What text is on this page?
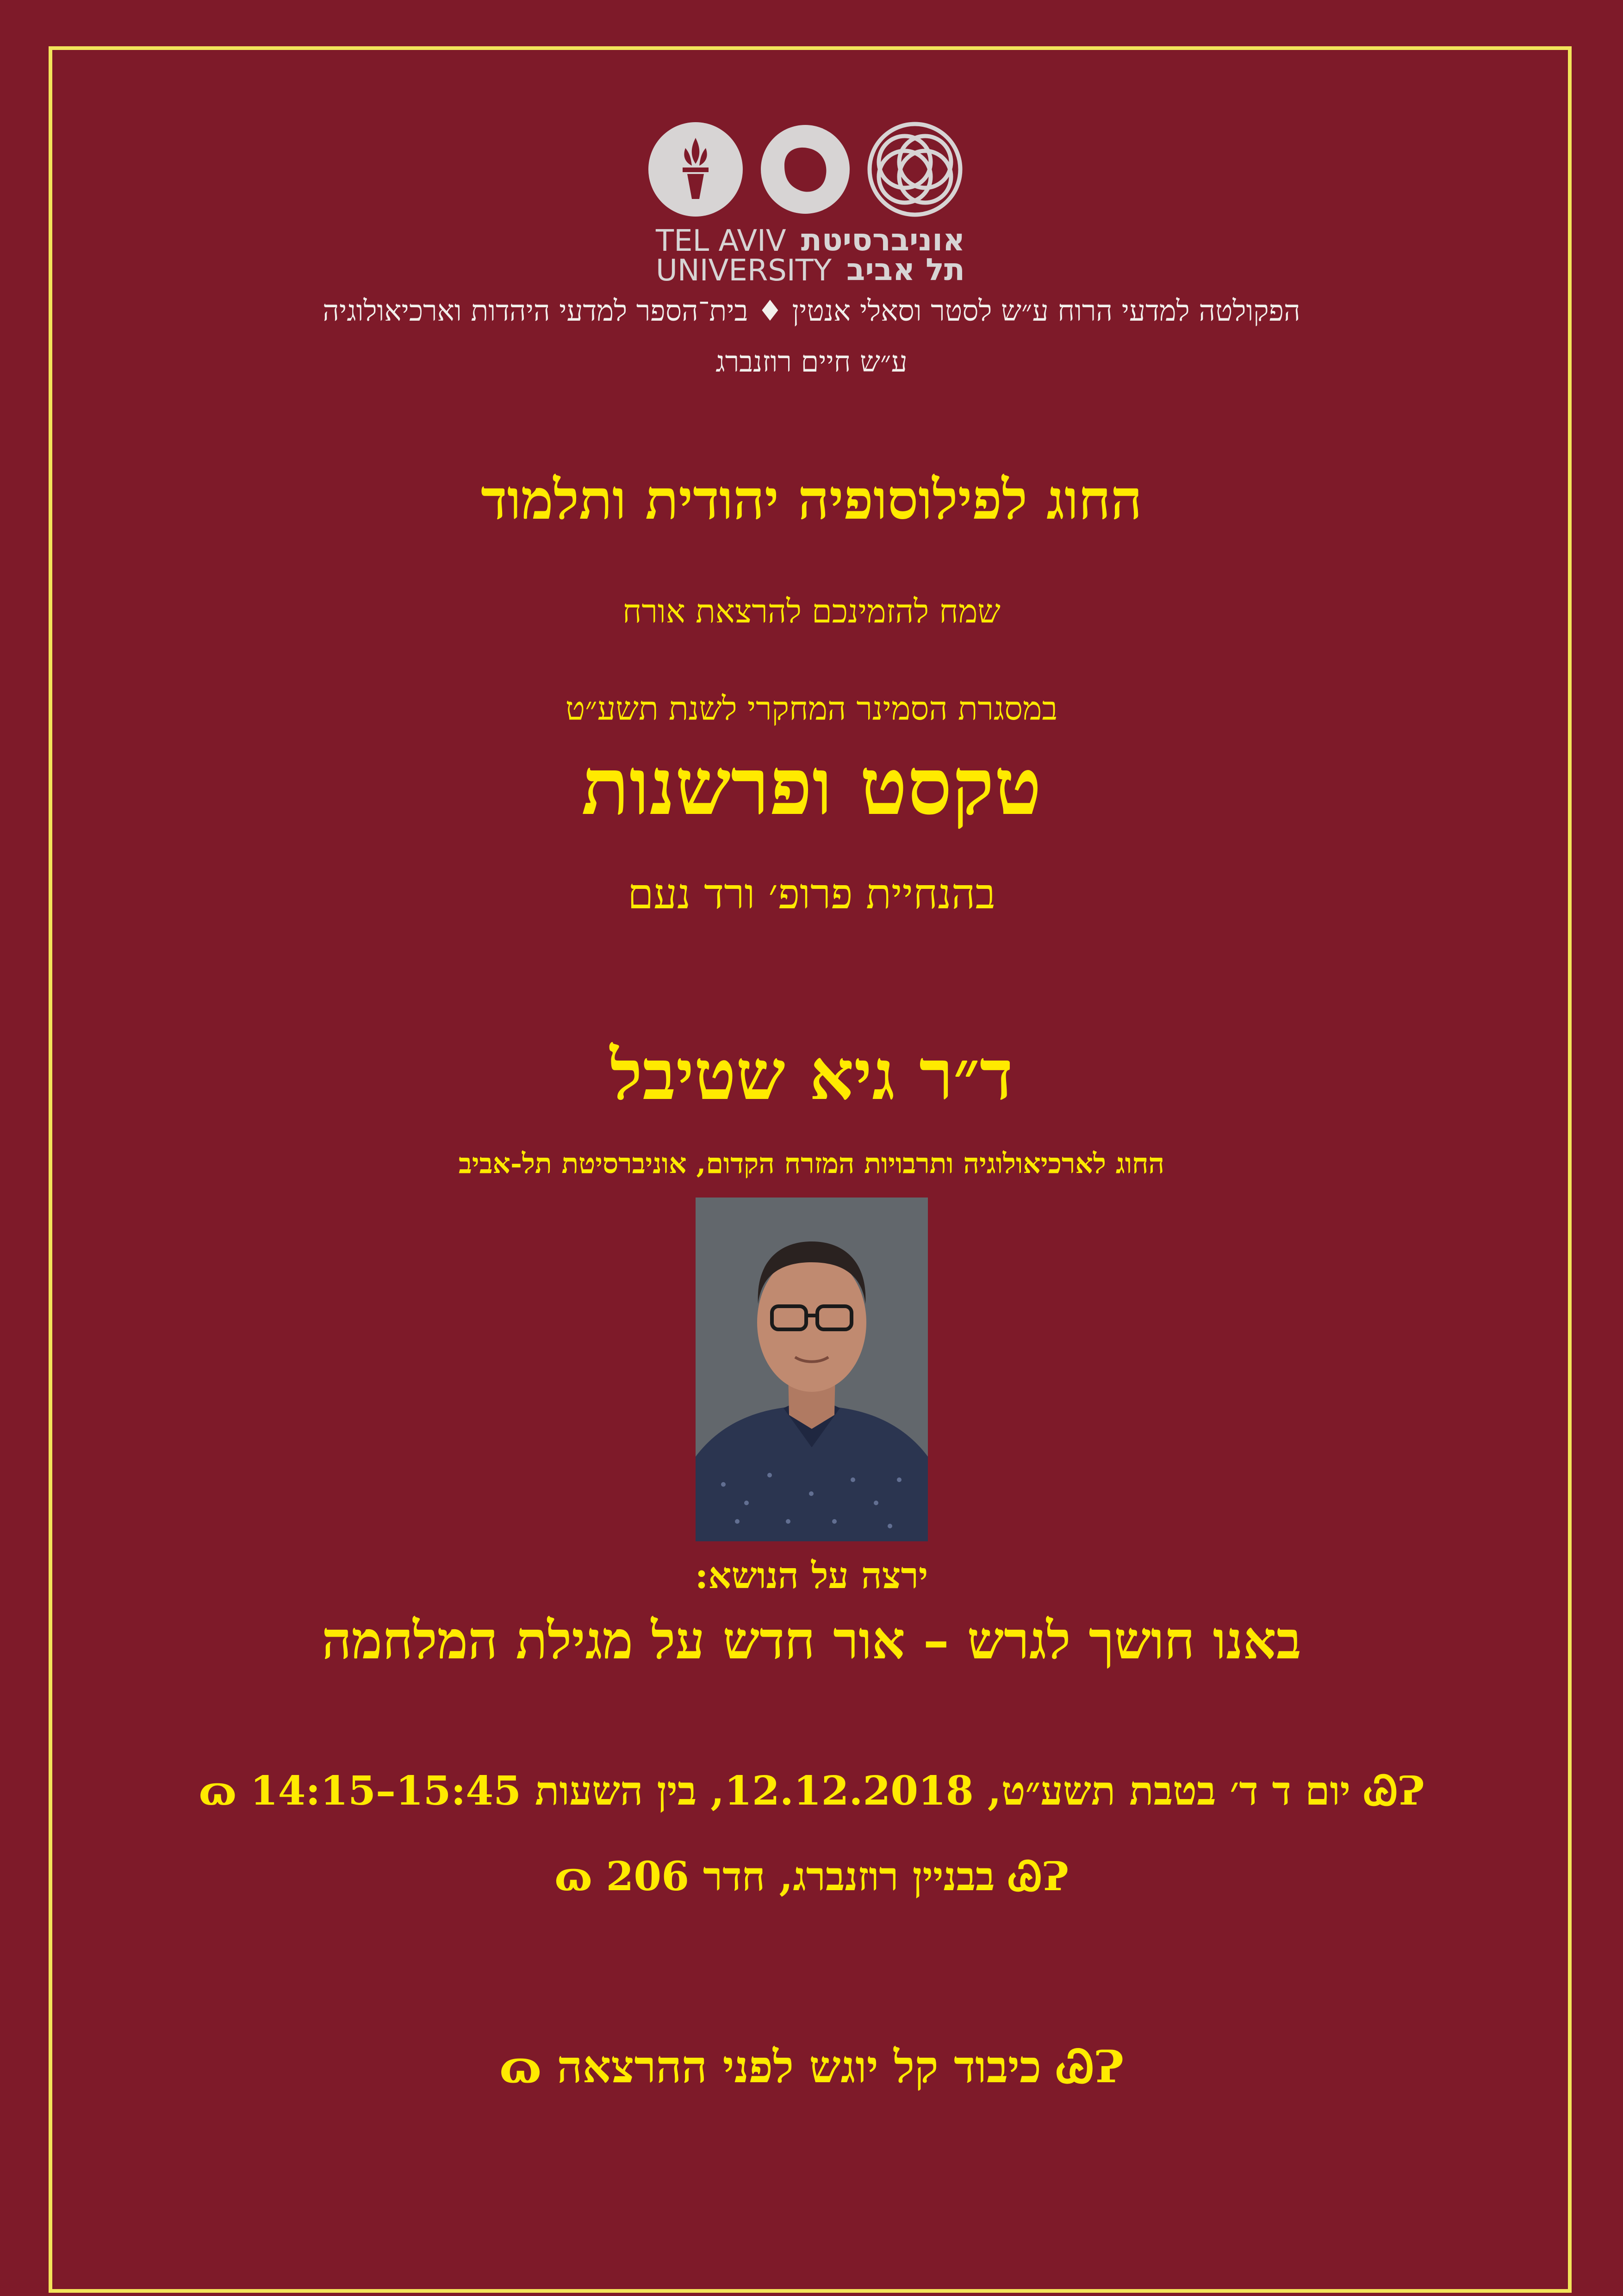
TEL AVIV
UNIVERSITY
אוניברסיטת
תל אביב
הפקולטה למדעי הרוח ע״ש לסטר וסאלי אנטין ♦ בית־הספר למדעי היהדות וארכיאולוגיה
ע״ש חיים רוזנברג
החוג לפילוסופיה יהודית ותלמוד
שמח להזמינכם להרצאת אורח
במסגרת הסמינר המחקרי לשנת תשע״ט
טקסט ופרשנות
בהנחיית פרופ׳ ורד נעם
ד״ר גיא שטיבל
החוג לארכיאולוגיה ותרבויות המזרח הקדום, אוניברסיטת תל-אביב
ירצה על הנושא:
באנו חושך לגרש – אור חדש על מגילת המלחמה
ᏊɁ יום ד ד׳ בטבת תשע״ט, 12.12.2018, בין השעות 15:45–14:15 ɷ
ᏊɁ בבניין רוזנברג, חדר 206 ɷ
ᏊɁ כיבוד קל יוגש לפני ההרצאה ɷ
